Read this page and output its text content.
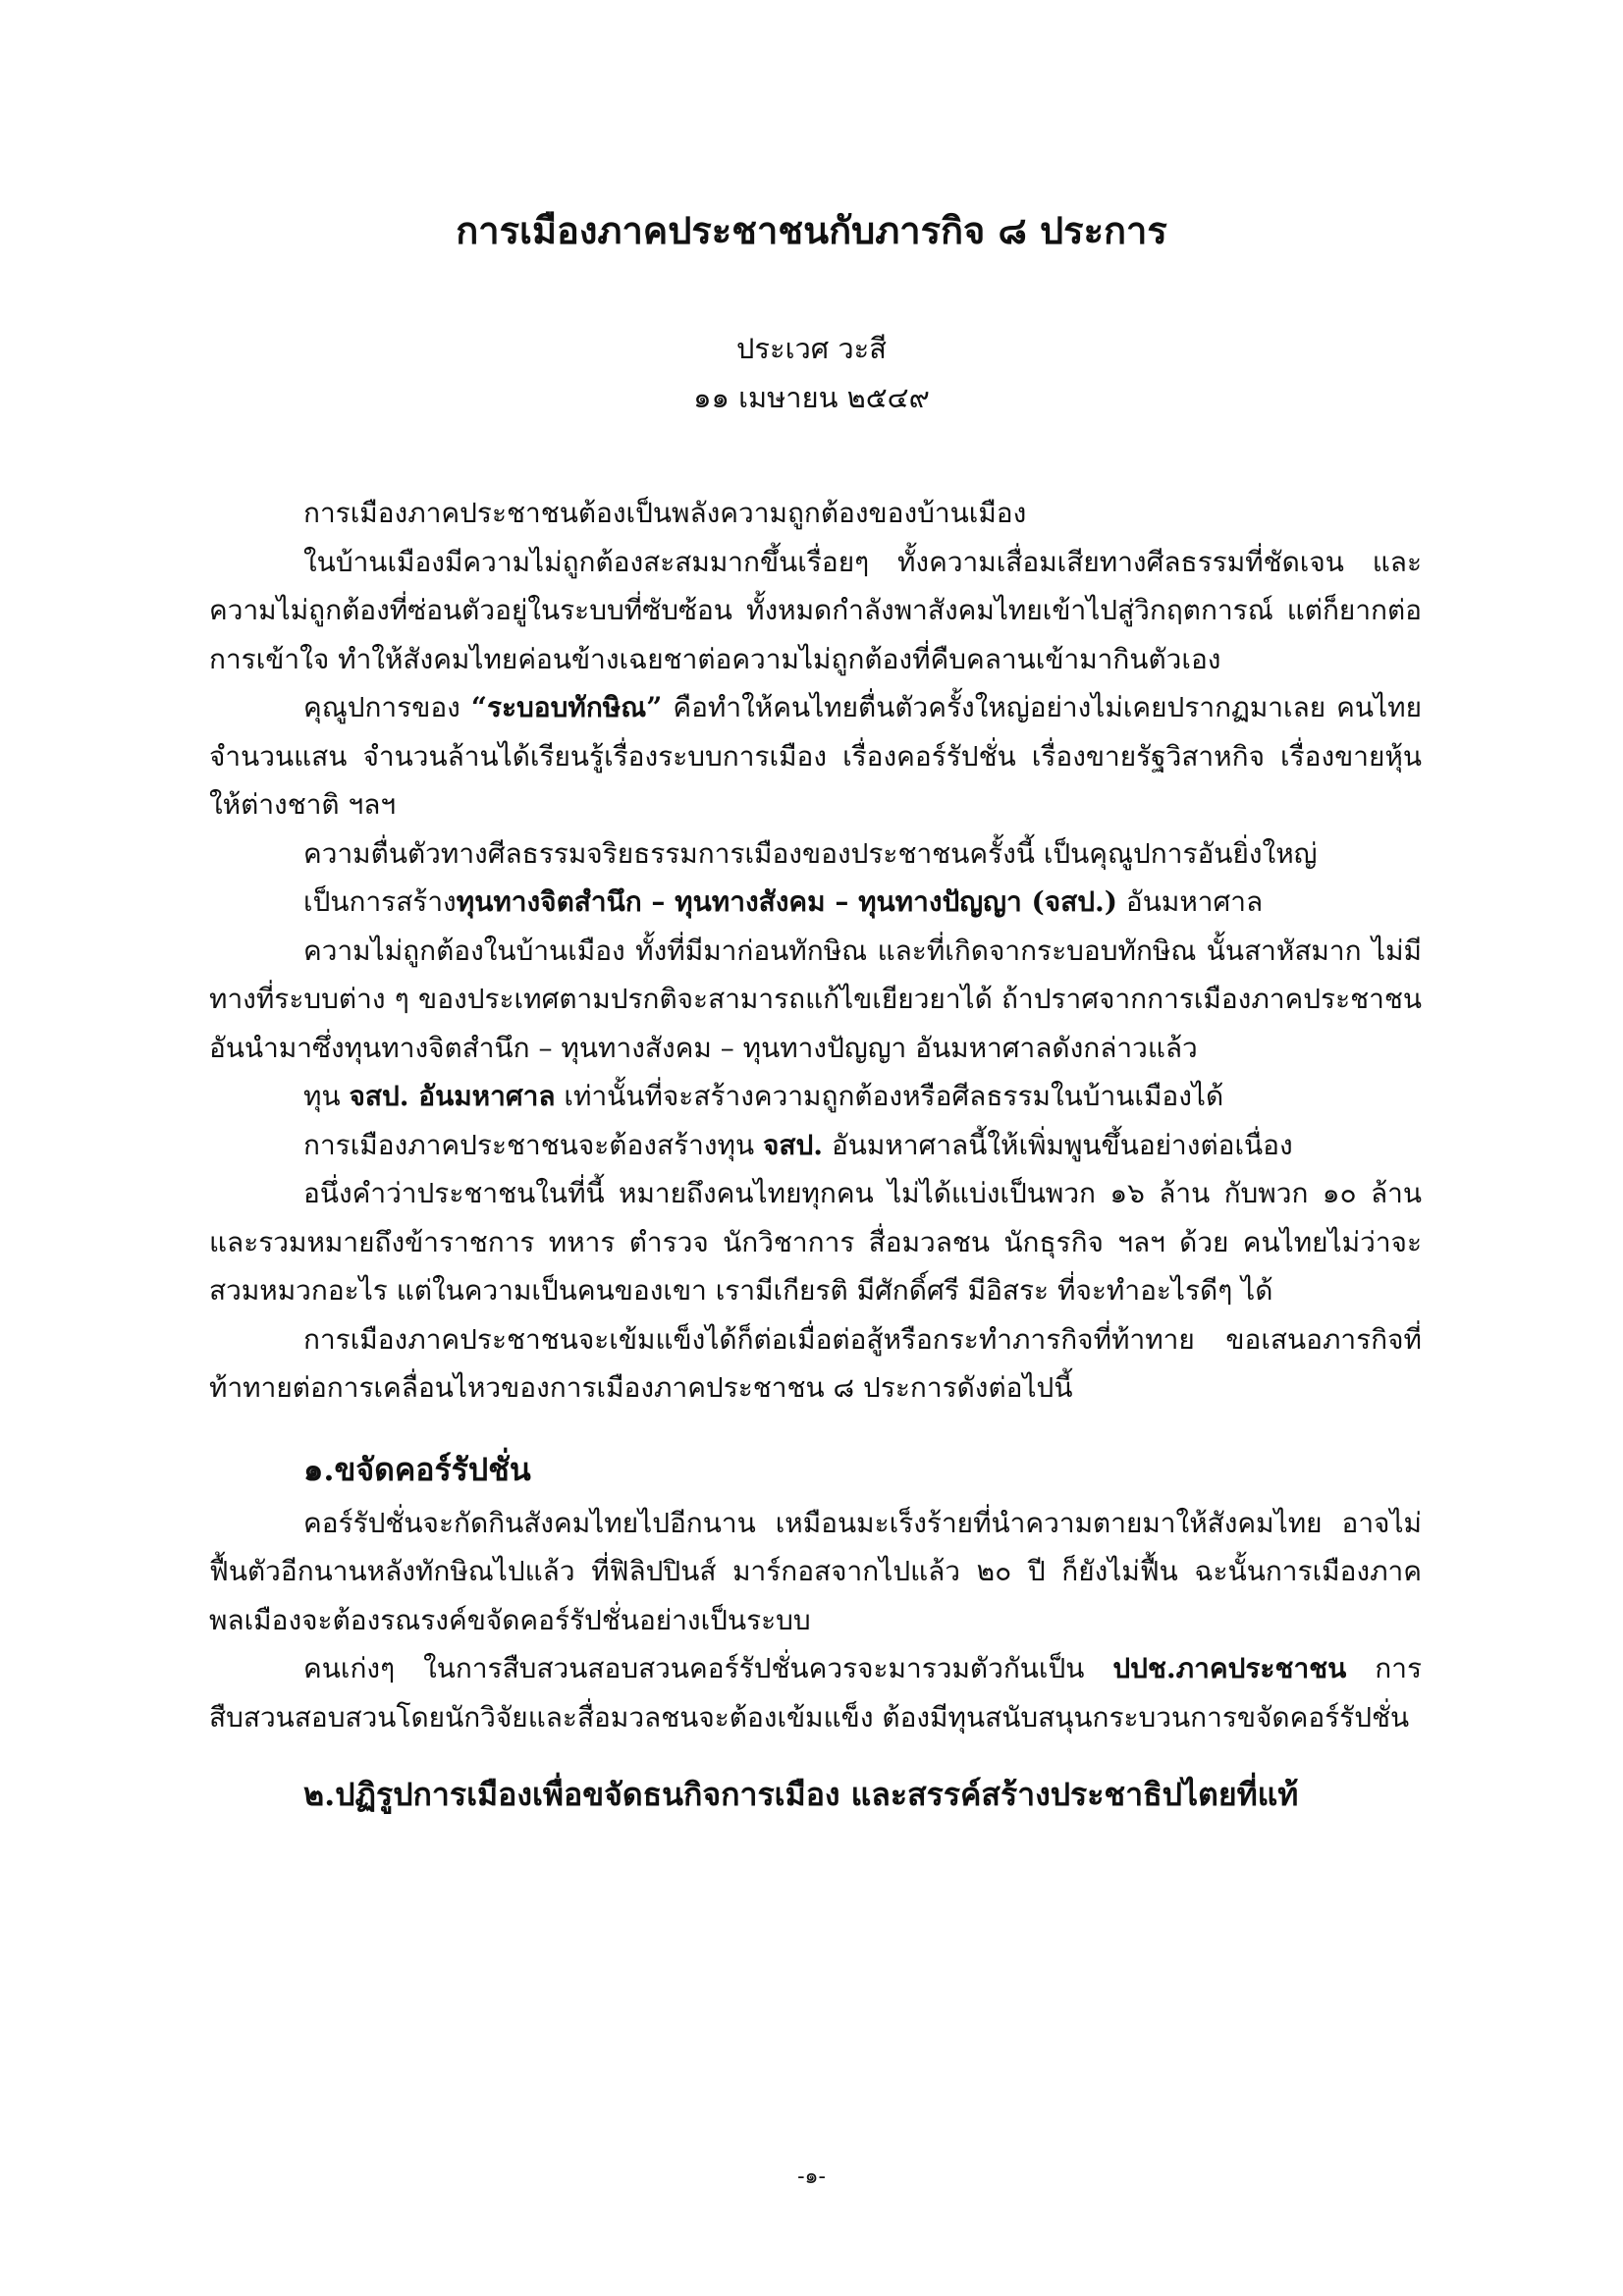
การเมืองภาคประชาชนกับภารกิจ ๘ ประการ

ประเวศ วะสี

๑๑ เมษายน ๒๕๔๙

การเมืองภาคประชาชนต้องเป็นพลังความถูกต้องของบ้านเมือง

ในบ้านเมืองมีความไม่ถูกต้องสะสมมากขึ้นเรื่อยๆ ทั้งความเสื่อมเสียทางศีลธรรมที่ชัดเจน และความไม่ถูกต้องที่ซ่อนตัวอยู่ในระบบที่ซับซ้อน ทั้งหมดกำลังพาสังคมไทยเข้าไปสู่วิกฤตการณ์ แต่ก็ยากต่อการเข้าใจ ทำให้สังคมไทยค่อนข้างเฉยชาต่อความไม่ถูกต้องที่คืบคลานเข้ามากินตัวเอง

คุณูปการของ “ระบอบทักษิณ” คือทำให้คนไทยตื่นตัวครั้งใหญ่อย่างไม่เคยปรากฏมาเลย คนไทยจำนวนแสน จำนวนล้านได้เรียนรู้เรื่องระบบการเมือง เรื่องคอร์รัปชั่น เรื่องขายรัฐวิสาหกิจ เรื่องขายหุ้นให้ต่างชาติ ฯลฯ

ความตื่นตัวทางศีลธรรมจริยธรรมการเมืองของประชาชนครั้งนี้ เป็นคุณูปการอันยิ่งใหญ่

เป็นการสร้างทุนทางจิตสำนึก – ทุนทางสังคม – ทุนทางปัญญา (จสป.) อันมหาศาล

ความไม่ถูกต้องในบ้านเมือง ทั้งที่มีมาก่อนทักษิณ และที่เกิดจากระบอบทักษิณ นั้นสาหัสมาก ไม่มีทางที่ระบบต่าง ๆ ของประเทศตามปรกติจะสามารถแก้ไขเยียวยาได้ ถ้าปราศจากการเมืองภาคประชาชน อันนำมาซึ่งทุนทางจิตสำนึก – ทุนทางสังคม – ทุนทางปัญญา อันมหาศาลดังกล่าวแล้ว

ทุน จสป. อันมหาศาล เท่านั้นที่จะสร้างความถูกต้องหรือศีลธรรมในบ้านเมืองได้

การเมืองภาคประชาชนจะต้องสร้างทุน จสป. อันมหาศาลนี้ให้เพิ่มพูนขึ้นอย่างต่อเนื่อง

อนึ่งคำว่าประชาชนในที่นี้ หมายถึงคนไทยทุกคน ไม่ได้แบ่งเป็นพวก ๑๖ ล้าน กับพวก ๑๐ ล้าน และรวมหมายถึงข้าราชการ ทหาร ตำรวจ นักวิชาการ สื่อมวลชน นักธุรกิจ ฯลฯ ด้วย คนไทยไม่ว่าจะสวมหมวกอะไร แต่ในความเป็นคนของเขา เรามีเกียรติ มีศักดิ์ศรี มีอิสระ ที่จะทำอะไรดีๆ ได้

การเมืองภาคประชาชนจะเข้มแข็งได้ก็ต่อเมื่อต่อสู้หรือกระทำภารกิจที่ท้าทาย ขอเสนอภารกิจที่ท้าทายต่อการเคลื่อนไหวของการเมืองภาคประชาชน ๘ ประการดังต่อไปนี้

๑.ขจัดคอร์รัปชั่น

คอร์รัปชั่นจะกัดกินสังคมไทยไปอีกนาน เหมือนมะเร็งร้ายที่นำความตายมาให้สังคมไทย อาจไม่ฟื้นตัวอีกนานหลังทักษิณไปแล้ว ที่ฟิลิปปินส์ มาร์กอสจากไปแล้ว ๒๐ ปี ก็ยังไม่ฟื้น ฉะนั้นการเมืองภาคพลเมืองจะต้องรณรงค์ขจัดคอร์รัปชั่นอย่างเป็นระบบ

คนเก่งๆ ในการสืบสวนสอบสวนคอร์รัปชั่นควรจะมารวมตัวกันเป็น ปปช.ภาคประชาชน การสืบสวนสอบสวนโดยนักวิจัยและสื่อมวลชนจะต้องเข้มแข็ง ต้องมีทุนสนับสนุนกระบวนการขจัดคอร์รัปชั่น

๒.ปฏิรูปการเมืองเพื่อขจัดธนกิจการเมือง และสรรค์สร้างประชาธิปไตยที่แท้

-๑-
